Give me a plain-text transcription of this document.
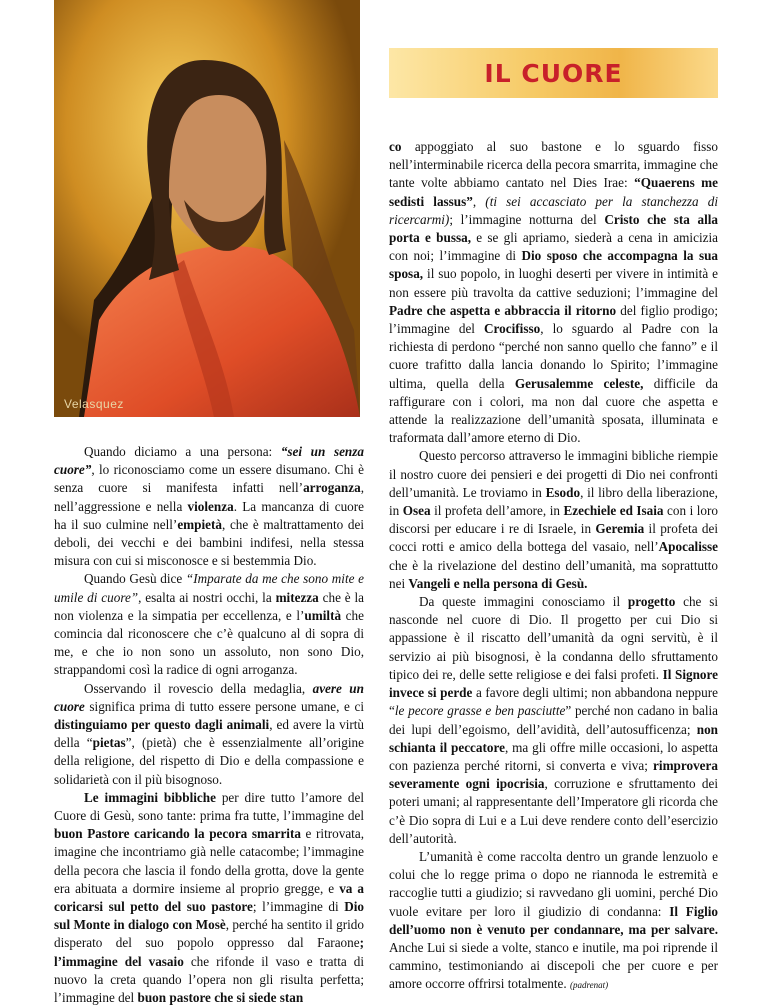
Velasquez
IL CUORE

Quando diciamo a una persona: “sei un senza cuore”, lo riconosciamo come un essere disumano. Chi è senza cuore si manifesta infatti nell’arroganza, nell’aggressione e nella violenza. La mancanza di cuore ha il suo culmine nell’empietà, che è maltrattamento dei deboli, dei vecchi e dei bambini indifesi, nella stessa misura con cui si misconosce e si bestemmia Dio.

Quando Gesù dice “Imparate da me che sono mite e umile di cuore”, esalta ai nostri occhi, la mitezza che è la non violenza e la simpatia per eccellenza, e l’umiltà che comincia dal riconoscere che c’è qualcuno al di sopra di me, e che io non sono un assoluto, non sono Dio, strappandomi così la radice di ogni arroganza.

Osservando il rovescio della medaglia, avere un cuore significa prima di tutto essere persone umane, e ci distinguiamo per questo dagli animali, ed avere la virtù della “pietas”, (pietà) che è essenzialmente all’origine della religione, del rispetto di Dio e della compassione e solidarietà con il più bisognoso.

Le immagini bibbliche per dire tutto l’amore del Cuore di Gesù, sono tante: prima fra tutte, l’immagine del buon Pastore caricando la pecora smarrita e ritrovata, imagine che incontriamo già nelle catacombe; l’immagine della pecora che lascia il fondo della grotta, dove la gente era abituata a dormire insieme al proprio gregge, e va a coricarsi sul petto del suo pastore; l’immagine di Dio sul Monte in dialogo con Mosè, perché ha sentito il grido disperato del suo popolo oppresso dal Faraone; l’immagine del vasaio che rifonde il vaso e tratta di nuovo la creta quando l’opera non gli risulta perfetta; l’immagine del buon pastore che si siede stan

co appoggiato al suo bastone e lo sguardo fisso nell’interminabile ricerca della pecora smarrita, immagine che tante volte abbiamo cantato nel Dies Irae: “Quaerens me sedisti lassus”, (ti sei accasciato per la stanchezza di ricercarmi); l’immagine notturna del Cristo che sta alla porta e bussa, e se gli apriamo, siederà a cena in amicizia con noi; l’immagine di Dio sposo che accompagna la sua sposa, il suo popolo, in luoghi deserti per vivere in intimità e non essere più travolta da cattive seduzioni; l’immagine del Padre che aspetta e abbraccia il ritorno del figlio prodigo; l’immagine del Crocifisso, lo sguardo al Padre con la richiesta di perdono “perché non sanno quello che fanno” e il cuore trafitto dalla lancia donando lo Spirito; l’immagine ultima, quella della Gerusalemme celeste, difficile da raffigurare con i colori, ma non dal cuore che aspetta e attende la realizzazione dell’umanità sposata, illuminata e traformata dall’amore eterno di Dio.

Questo percorso attraverso le immagini bibliche riempie il nostro cuore dei pensieri e dei progetti di Dio nei confronti dell’umanità. Le troviamo in Esodo, il libro della liberazione, in Osea il profeta dell’amore, in Ezechiele ed Isaia con i loro discorsi per educare i re di Israele, in Geremia il profeta dei cocci rotti e amico della bottega del vasaio, nell’Apocalisse che è la rivelazione del destino dell’umanità, ma soprattutto nei Vangeli e nella persona di Gesù.

Da queste immagini conosciamo il progetto che si nasconde nel cuore di Dio. Il progetto per cui Dio si appassione è il riscatto dell’umanità da ogni servitù, è il servizio ai più bisognosi, è la condanna dello sfruttamento tipico dei re, delle sette religiose e dei falsi profeti. Il Signore invece si perde a favore degli ultimi; non abbandona neppure “le pecore grasse e ben pasciutte” perché non cadano in balia dei lupi dell’egoismo, dell’avidità, dell’autosufficenza; non schianta il peccatore, ma gli offre mille occasioni, lo aspetta con pazienza perché ritorni, si converta e viva; rimprovera severamente ogni ipocrisia, corruzione e sfruttamento dei poteri umani; al rappresentante dell’Imperatore gli ricorda che c’è Dio sopra di Lui e a Lui deve rendere conto dell’esercizio dell’autorità.

L’umanità è come raccolta dentro un grande lenzuolo e colui che lo regge prima o dopo ne riannoda le estremità e raccoglie tutti a giudizio; si ravvedano gli uomini, perché Dio vuole evitare per loro il giudizio di condanna: Il Figlio dell’uomo non è venuto per condannare, ma per salvare. Anche Lui si siede a volte, stanco e inutile, ma poi riprende il cammino, testimoniando ai discepoli che per cuore e per amore occorre offrirsi totalmente. (padrenat)
